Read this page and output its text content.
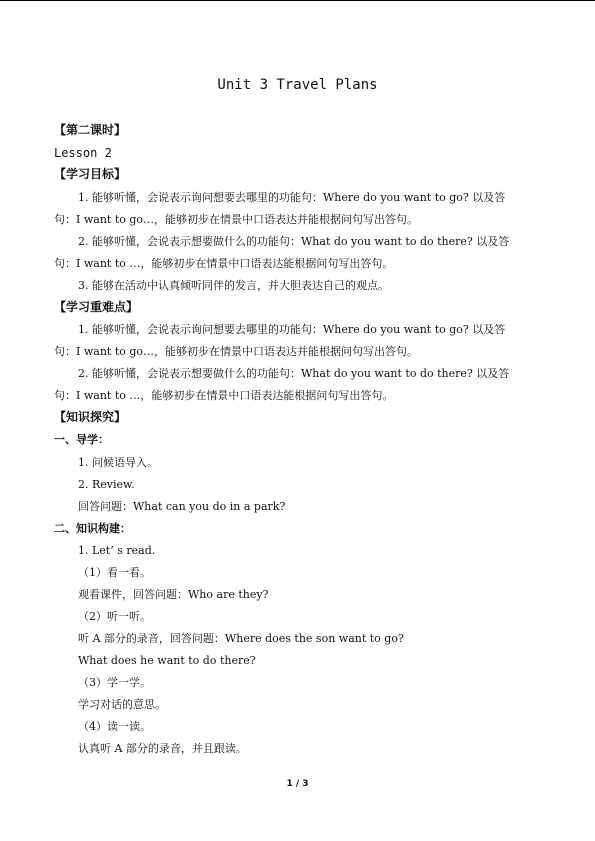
Unit 3 Travel Plans
【第二课时】
Lesson 2
【学习目标】
1. 能够听懂，会说表示询问想要去哪里的功能句：Where do you want to go? 以及答
句：I want to go…，能够初步在情景中口语表达并能根据问句写出答句。
2. 能够听懂，会说表示想要做什么的功能句：What do you want to do there? 以及答
句：I want to …，能够初步在情景中口语表达能根据问句写出答句。
3. 能够在活动中认真倾听同伴的发言，并大胆表达自己的观点。
【学习重难点】
1. 能够听懂，会说表示询问想要去哪里的功能句：Where do you want to go? 以及答
句：I want to go…，能够初步在情景中口语表达并能根据问句写出答句。
2. 能够听懂，会说表示想要做什么的功能句：What do you want to do there? 以及答
句：I want to …，能够初步在情景中口语表达能根据问句写出答句。
【知识探究】
一、导学：
1. 问候语导入。
2. Review.
回答问题：What can you do in a park?
二、知识构建：
1. Let’ s read.
（1）看一看。
观看课件，回答问题：Who are they?
（2）听一听。
听 A 部分的录音，回答问题：Where does the son want to go?
What does he want to do there?
（3）学一学。
学习对话的意思。
（4）读一读。
认真听 A 部分的录音，并且跟读。
1 / 3
